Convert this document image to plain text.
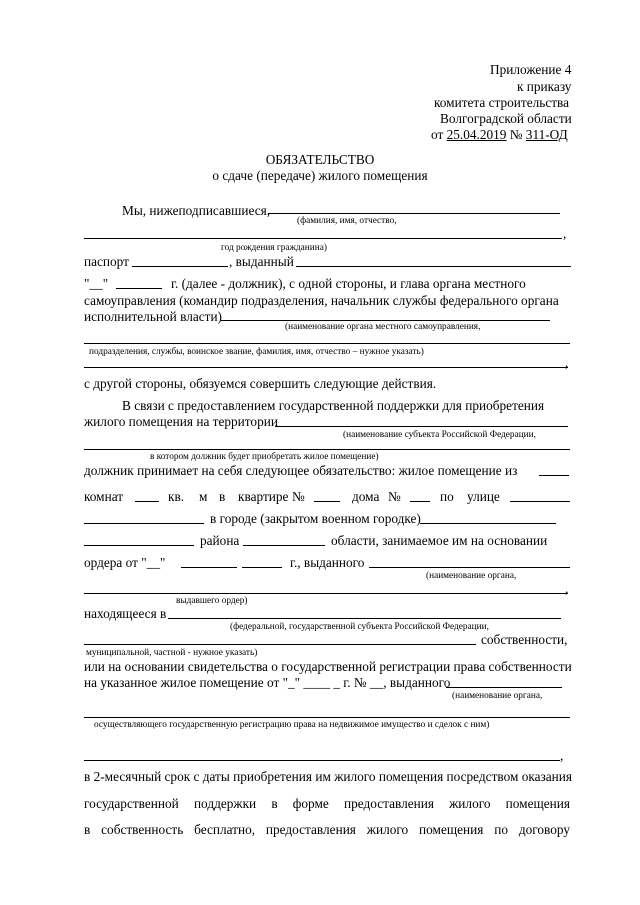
Приложение 4
к приказу
комитета строительства
Волгоградской области
от 25.04.2019 № 311-ОД
ОБЯЗАТЕЛЬСТВО
о сдаче (передаче) жилого помещения
Мы, нижеподписавшиеся,
(фамилия, имя, отчество,
,
год рождения гражданина)
паспорт	, выданный
"__"	г. (далее - должник), с одной стороны, и глава органа местного
самоуправления (командир подразделения, начальник службы федерального органа
исполнительной власти)
(наименование органа местного самоуправления,
подразделения, службы, воинское звание, фамилия, имя, отчество – нужное указать)
,
с другой стороны, обязуемся совершить следующие действия.
В связи с предоставлением государственной поддержки для приобретения
жилого помещения на территории
(наименование субъекта Российской Федерации,
в котором должник будет приобретать жилое помещение)
должник принимает на себя следующее обязательство: жилое помещение из
комнат	кв. м в квартире №	дома №	по улице
в городе (закрытом военном городке)
района	области, занимаемое им на основании
ордера от "__"	г., выданного
(наименование органа,
,
выдавшего ордер)
находящееся в
(федеральной, государственной субъекта Российской Федерации,
собственности,
муниципальной, частной - нужное указать)
или на основании свидетельства о государственной регистрации права собственности
на указанное жилое помещение от "_" ____ _ г. № __, выданного
(наименование органа,
осуществляющего государственную регистрацию права на недвижимое имущество и сделок с ним)
,
в 2-месячный срок с даты приобретения им жилого помещения посредством оказания
государственной поддержки в форме предоставления жилого помещения
в собственность бесплатно, предоставления жилого помещения по договору
